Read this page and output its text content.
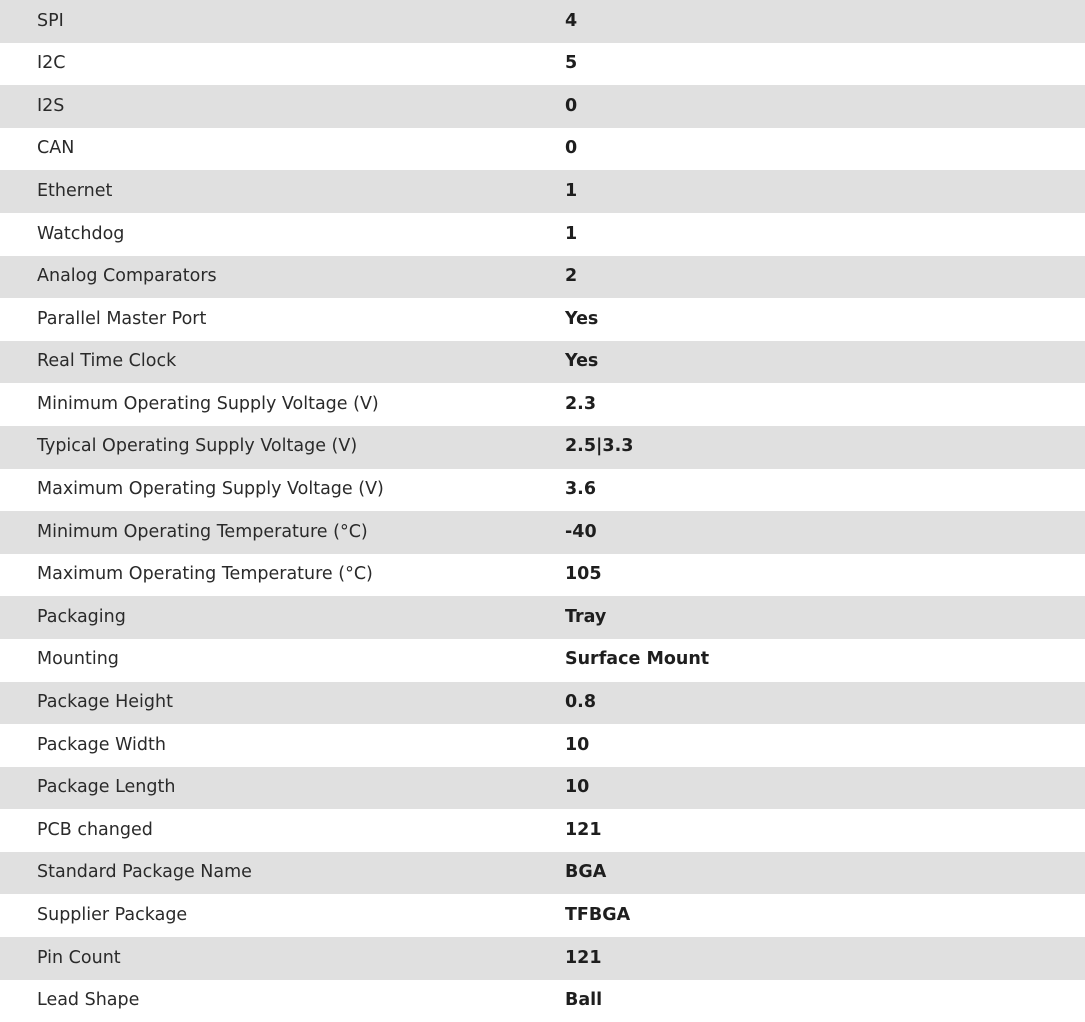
SPI	4
I2C	5
I2S	0
CAN	0
Ethernet	1
Watchdog	1
Analog Comparators	2
Parallel Master Port	Yes
Real Time Clock	Yes
Minimum Operating Supply Voltage (V)	2.3
Typical Operating Supply Voltage (V)	2.5|3.3
Maximum Operating Supply Voltage (V)	3.6
Minimum Operating Temperature (°C)	-40
Maximum Operating Temperature (°C)	105
Packaging	Tray
Mounting	Surface Mount
Package Height	0.8
Package Width	10
Package Length	10
PCB changed	121
Standard Package Name	BGA
Supplier Package	TFBGA
Pin Count	121
Lead Shape	Ball
